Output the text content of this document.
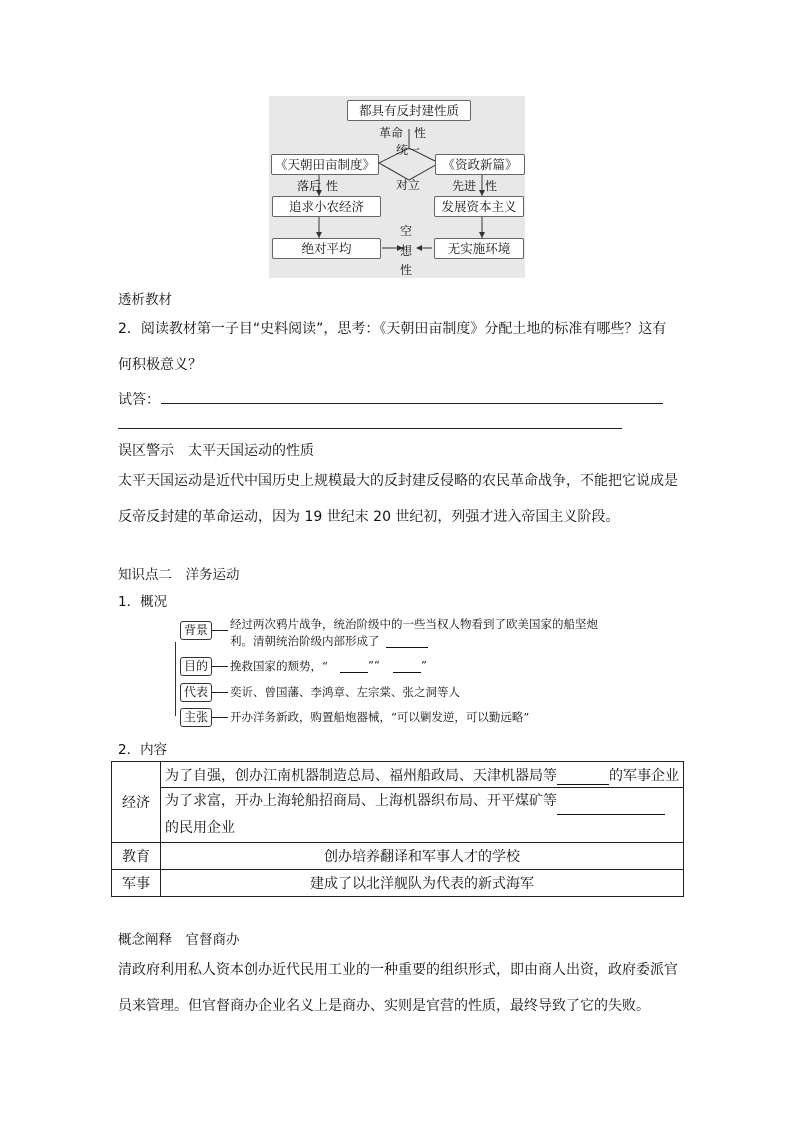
都具有反封建性质
《天朝田亩制度》	《资政新篇》
追求小农经济	发展资本主义
绝对平均	无实施环境
革命 性
统一
对立
落后 性	先进 性
空
想
性
透析教材
2．阅读教材第一子目“史料阅读”，思考：《天朝田亩制度》分配土地的标准有哪些？这有
何积极意义？
试答：
误区警示　太平天国运动的性质
太平天国运动是近代中国历史上规模最大的反封建反侵略的农民革命战争，不能把它说成是
反帝反封建的革命运动，因为 19 世纪末 20 世纪初，列强才进入帝国主义阶段。
知识点二　洋务运动
1．概况
背景	经过两次鸦片战争，统治阶级中的一些当权人物看到了欧美国家的船坚炮
利。清朝统治阶级内部形成了
目的	挽救国家的颓势，“	”“	”
代表	奕䜣、曾国藩、李鸿章、左宗棠、张之洞等人
主张	开办洋务新政，购置船炮器械，“可以剿发逆，可以勤远略”
2．内容
经济	为了自强，创办江南机器制造总局、福州船政局、天津机器局等 的军事企业
	为了求富，开办上海轮船招商局、上海机器织布局、开平煤矿等
的民用企业
教育	创办培养翻译和军事人才的学校
军事	建成了以北洋舰队为代表的新式海军
概念阐释　官督商办
清政府利用私人资本创办近代民用工业的一种重要的组织形式，即由商人出资，政府委派官
员来管理。但官督商办企业名义上是商办、实则是官营的性质，最终导致了它的失败。
